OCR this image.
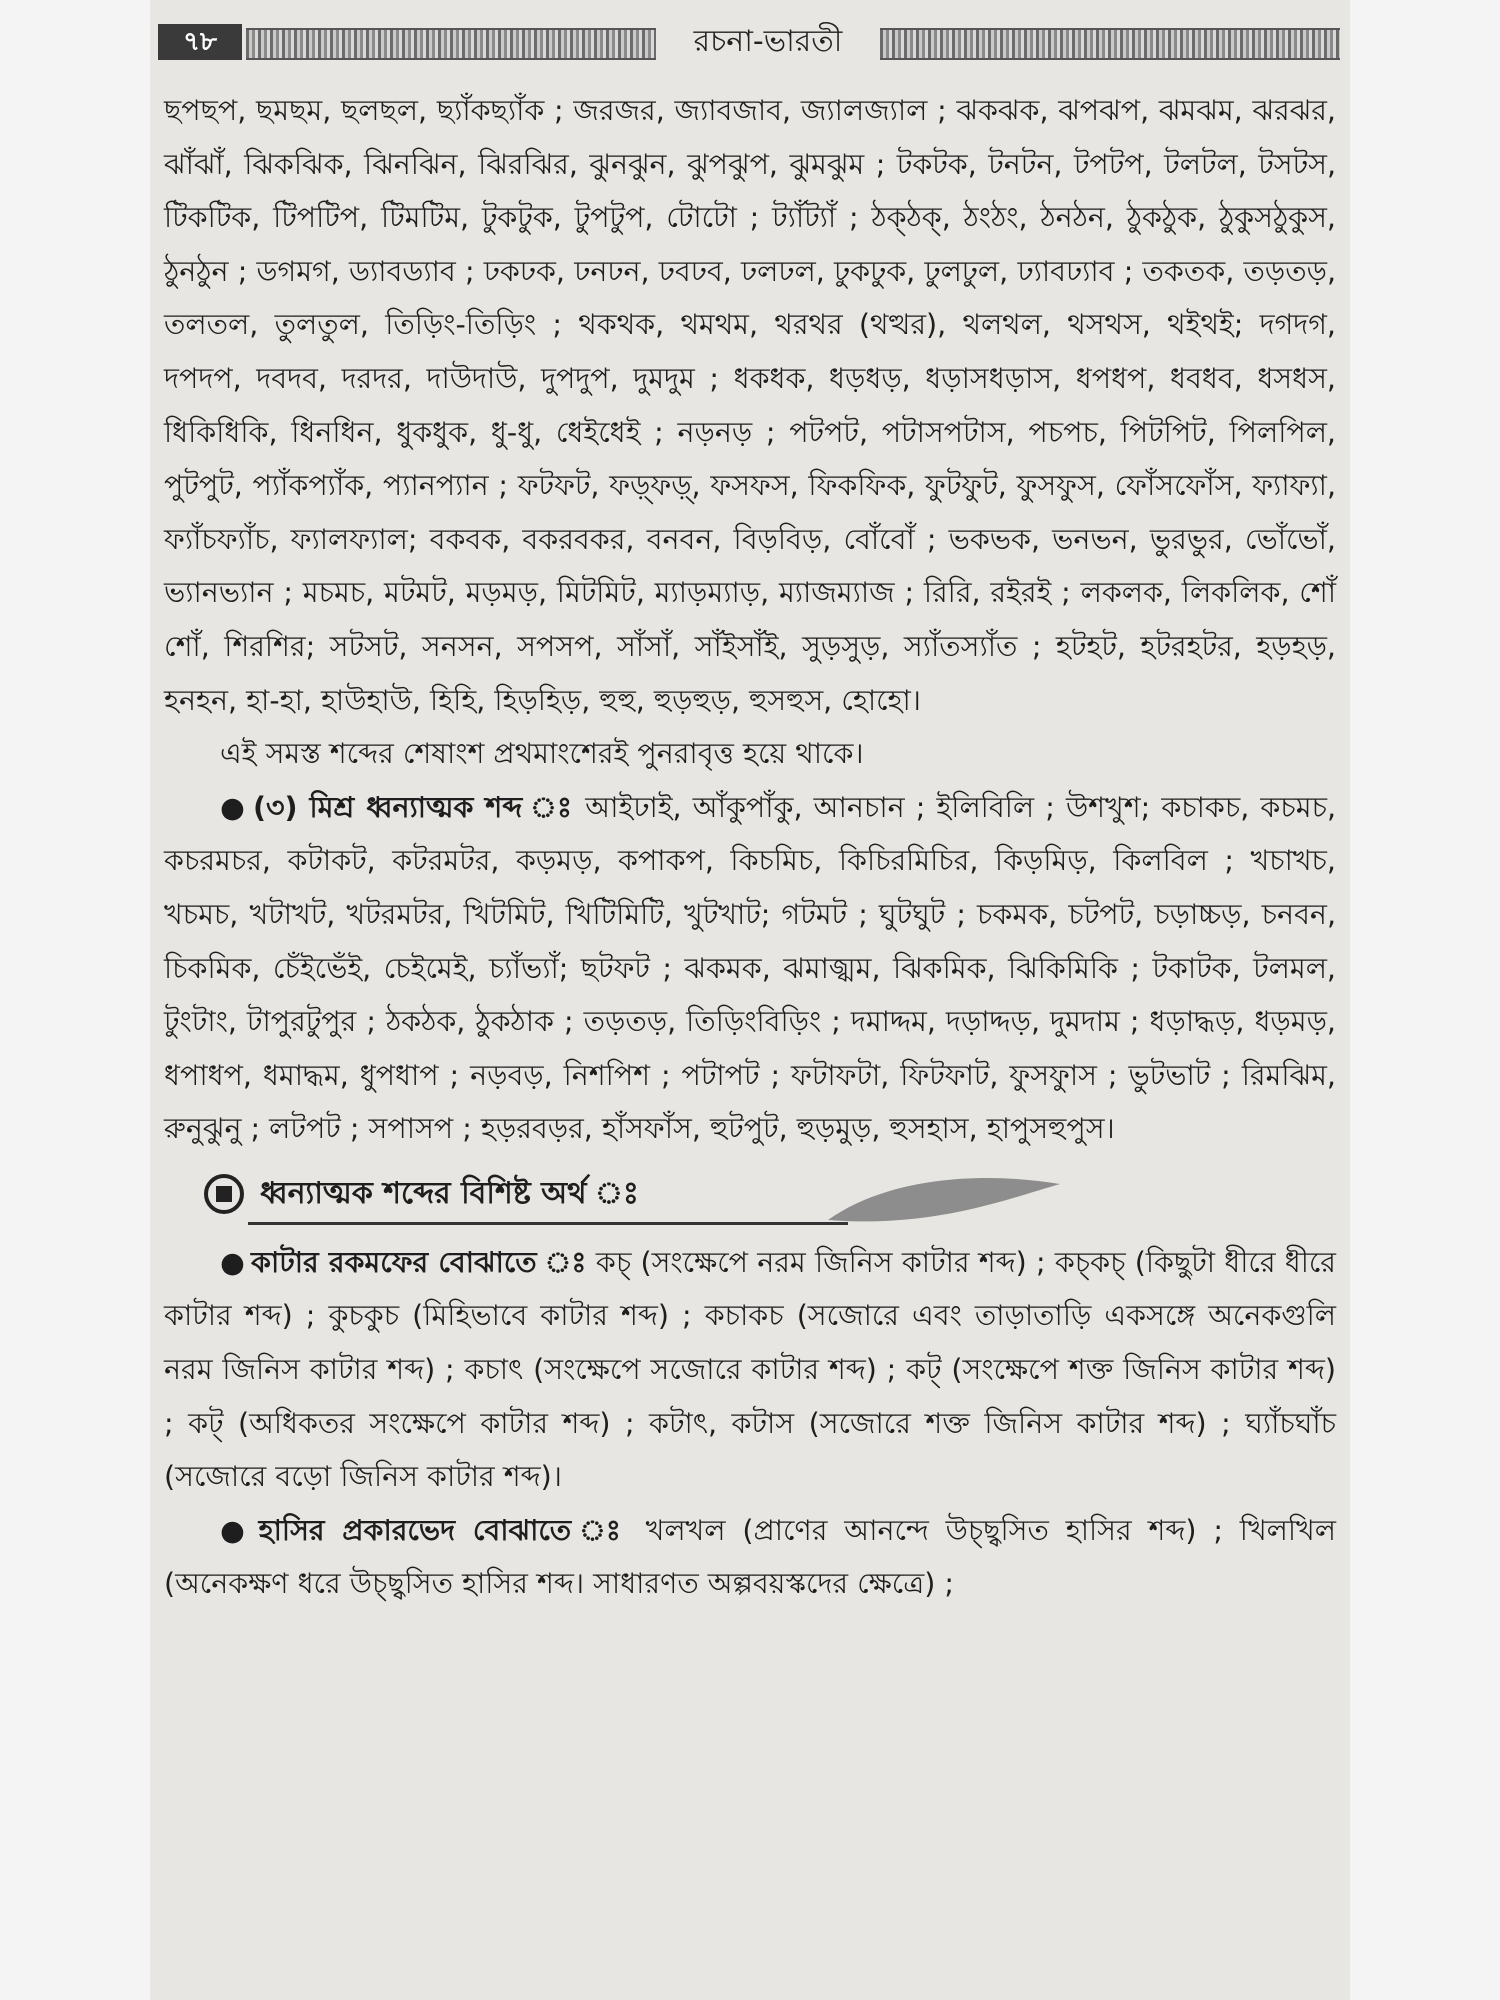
৭৮	রচনা-ভারতী

ছপছপ, ছমছম, ছলছল, ছ্যাঁকছ্যাঁক ; জরজর, জ্যাবজাব, জ্যালজ্যাল ; ঝকঝক, ঝপঝপ, ঝমঝম, ঝরঝর, ঝাঁঝাঁ, ঝিকঝিক, ঝিনঝিন, ঝিরঝির, ঝুনঝুন, ঝুপঝুপ, ঝুমঝুম ; টকটক, টনটন, টপটপ, টলটল, টসটস, টিকটিক, টিপটিপ, টিমটিম, টুকটুক, টুপটুপ, টোটো ; ট্যাঁট্যাঁ ; ঠক্‌ঠক্‌, ঠংঠং, ঠনঠন, ঠুকঠুক, ঠুকুসঠুকুস, ঠুনঠুন ; ডগমগ, ড্যাবড্যাব ; ঢকঢক, ঢনঢন, ঢবঢব, ঢলঢল, ঢুকঢুক, ঢুলঢুল, ঢ্যাবঢ্যাব ; তকতক, তড়তড়, তলতল, তুলতুল, তিড়িং-তিড়িং ; থকথক, থমথম, থরথর (থত্থর), থলথল, থসথস, থইথই; দগদগ, দপদপ, দবদব, দরদর, দাউদাউ, দুপদুপ, দুমদুম ; ধকধক, ধড়ধড়, ধড়াসধড়াস, ধপধপ, ধবধব, ধসধস, ধিকিধিকি, ধিনধিন, ধুকধুক, ধু-ধু, ধেইধেই ; নড়নড় ; পটপট, পটাসপটাস, পচপচ, পিটপিট, পিলপিল, পুটপুট, প্যাঁকপ্যাঁক, প্যানপ্যান ; ফটফট, ফড়্‌ফড়্‌, ফসফস, ফিকফিক, ফুটফুট, ফুসফুস, ফোঁসফোঁস, ফ্যাফ্যা, ফ্যাঁচফ্যাঁচ, ফ্যালফ্যাল; বকবক, বকরবকর, বনবন, বিড়বিড়, বোঁবোঁ ; ভকভক, ভনভন, ভুরভুর, ভোঁভোঁ, ভ্যানভ্যান ; মচমচ, মটমট, মড়মড়, মিটমিট, ম্যাড়ম্যাড়, ম্যাজম্যাজ ; রিরি, রইরই ; লকলক, লিকলিক, শোঁ শোঁ, শিরশির; সটসট, সনসন, সপসপ, সাঁসাঁ, সাঁইসাঁই, সুড়সুড়, স্যাঁতস্যাঁত ; হটহট, হটরহটর, হড়হড়, হনহন, হা-হা, হাউহাউ, হিহি, হিড়হিড়, হুহু, হুড়হুড়, হুসহুস, হোহো।

এই সমস্ত শব্দের শেষাংশ প্রথমাংশেরই পুনরাবৃত্ত হয়ে থাকে।

● (৩) মিশ্র ধ্বন্যাত্মক শব্দ ঃ আইঢাই, আঁকুপাঁকু, আনচান ; ইলিবিলি ; উশখুশ; কচাকচ, কচমচ, কচরমচর, কটাকট, কটরমটর, কড়মড়, কপাকপ, কিচমিচ, কিচিরমিচির, কিড়মিড়, কিলবিল ; খচাখচ, খচমচ, খটাখট, খটরমটর, খিটমিট, খিটিমিটি, খুটখাট; গটমট ; ঘুটঘুট ; চকমক, চটপট, চড়াচ্চড়, চনবন, চিকমিক, চেঁইভেঁই, চেইমেই, চ্যাঁভ্যাঁ; ছটফট ; ঝকমক, ঝমাজ্ঝম, ঝিকমিক, ঝিকিমিকি ; টকাটক, টলমল, টুংটাং, টাপুরটুপুর ; ঠকঠক, ঠুকঠাক ; তড়তড়, তিড়িংবিড়িং ; দমাদ্দম, দড়াদ্দড়, দুমদাম ; ধড়াদ্ধড়, ধড়মড়, ধপাধপ, ধমাদ্ধম, ধুপধাপ ; নড়বড়, নিশপিশ ; পটাপট ; ফটাফটা, ফিটফাট, ফুসফুাস ; ভুটভাট ; রিমঝিম, রুনুঝুনু ; লটপট ; সপাসপ ; হড়রবড়র, হাঁসফাঁস, হুটপুট, হুড়মুড়, হুসহাস, হাপুসহুপুস।

ধ্বন্যাত্মক শব্দের বিশিষ্ট অর্থ ঃ

● কাটার রকমফের বোঝাতে ঃ কচ্ (সংক্ষেপে নরম জিনিস কাটার শব্দ) ; কচ্‌কচ্ (কিছুটা ধীরে ধীরে কাটার শব্দ) ; কুচকুচ (মিহিভাবে কাটার শব্দ) ; কচাকচ (সজোরে এবং তাড়াতাড়ি একসঙ্গে অনেকগুলি নরম জিনিস কাটার শব্দ) ; কচাৎ (সংক্ষেপে সজোরে কাটার শব্দ) ; কট্ (সংক্ষেপে শক্ত জিনিস কাটার শব্দ) ; কট্ (অধিকতর সংক্ষেপে কাটার শব্দ) ; কটাৎ, কটাস (সজোরে শক্ত জিনিস কাটার শব্দ) ; ঘ্যাঁচঘাঁচ (সজোরে বড়ো জিনিস কাটার শব্দ)।

● হাসির প্রকারভেদ বোঝাতে ঃ খলখল (প্রাণের আনন্দে উচ্ছ্বসিত হাসির শব্দ) ; খিলখিল (অনেকক্ষণ ধরে উচ্ছ্বসিত হাসির শব্দ। সাধারণত অল্পবয়স্কদের ক্ষেত্রে) ;
